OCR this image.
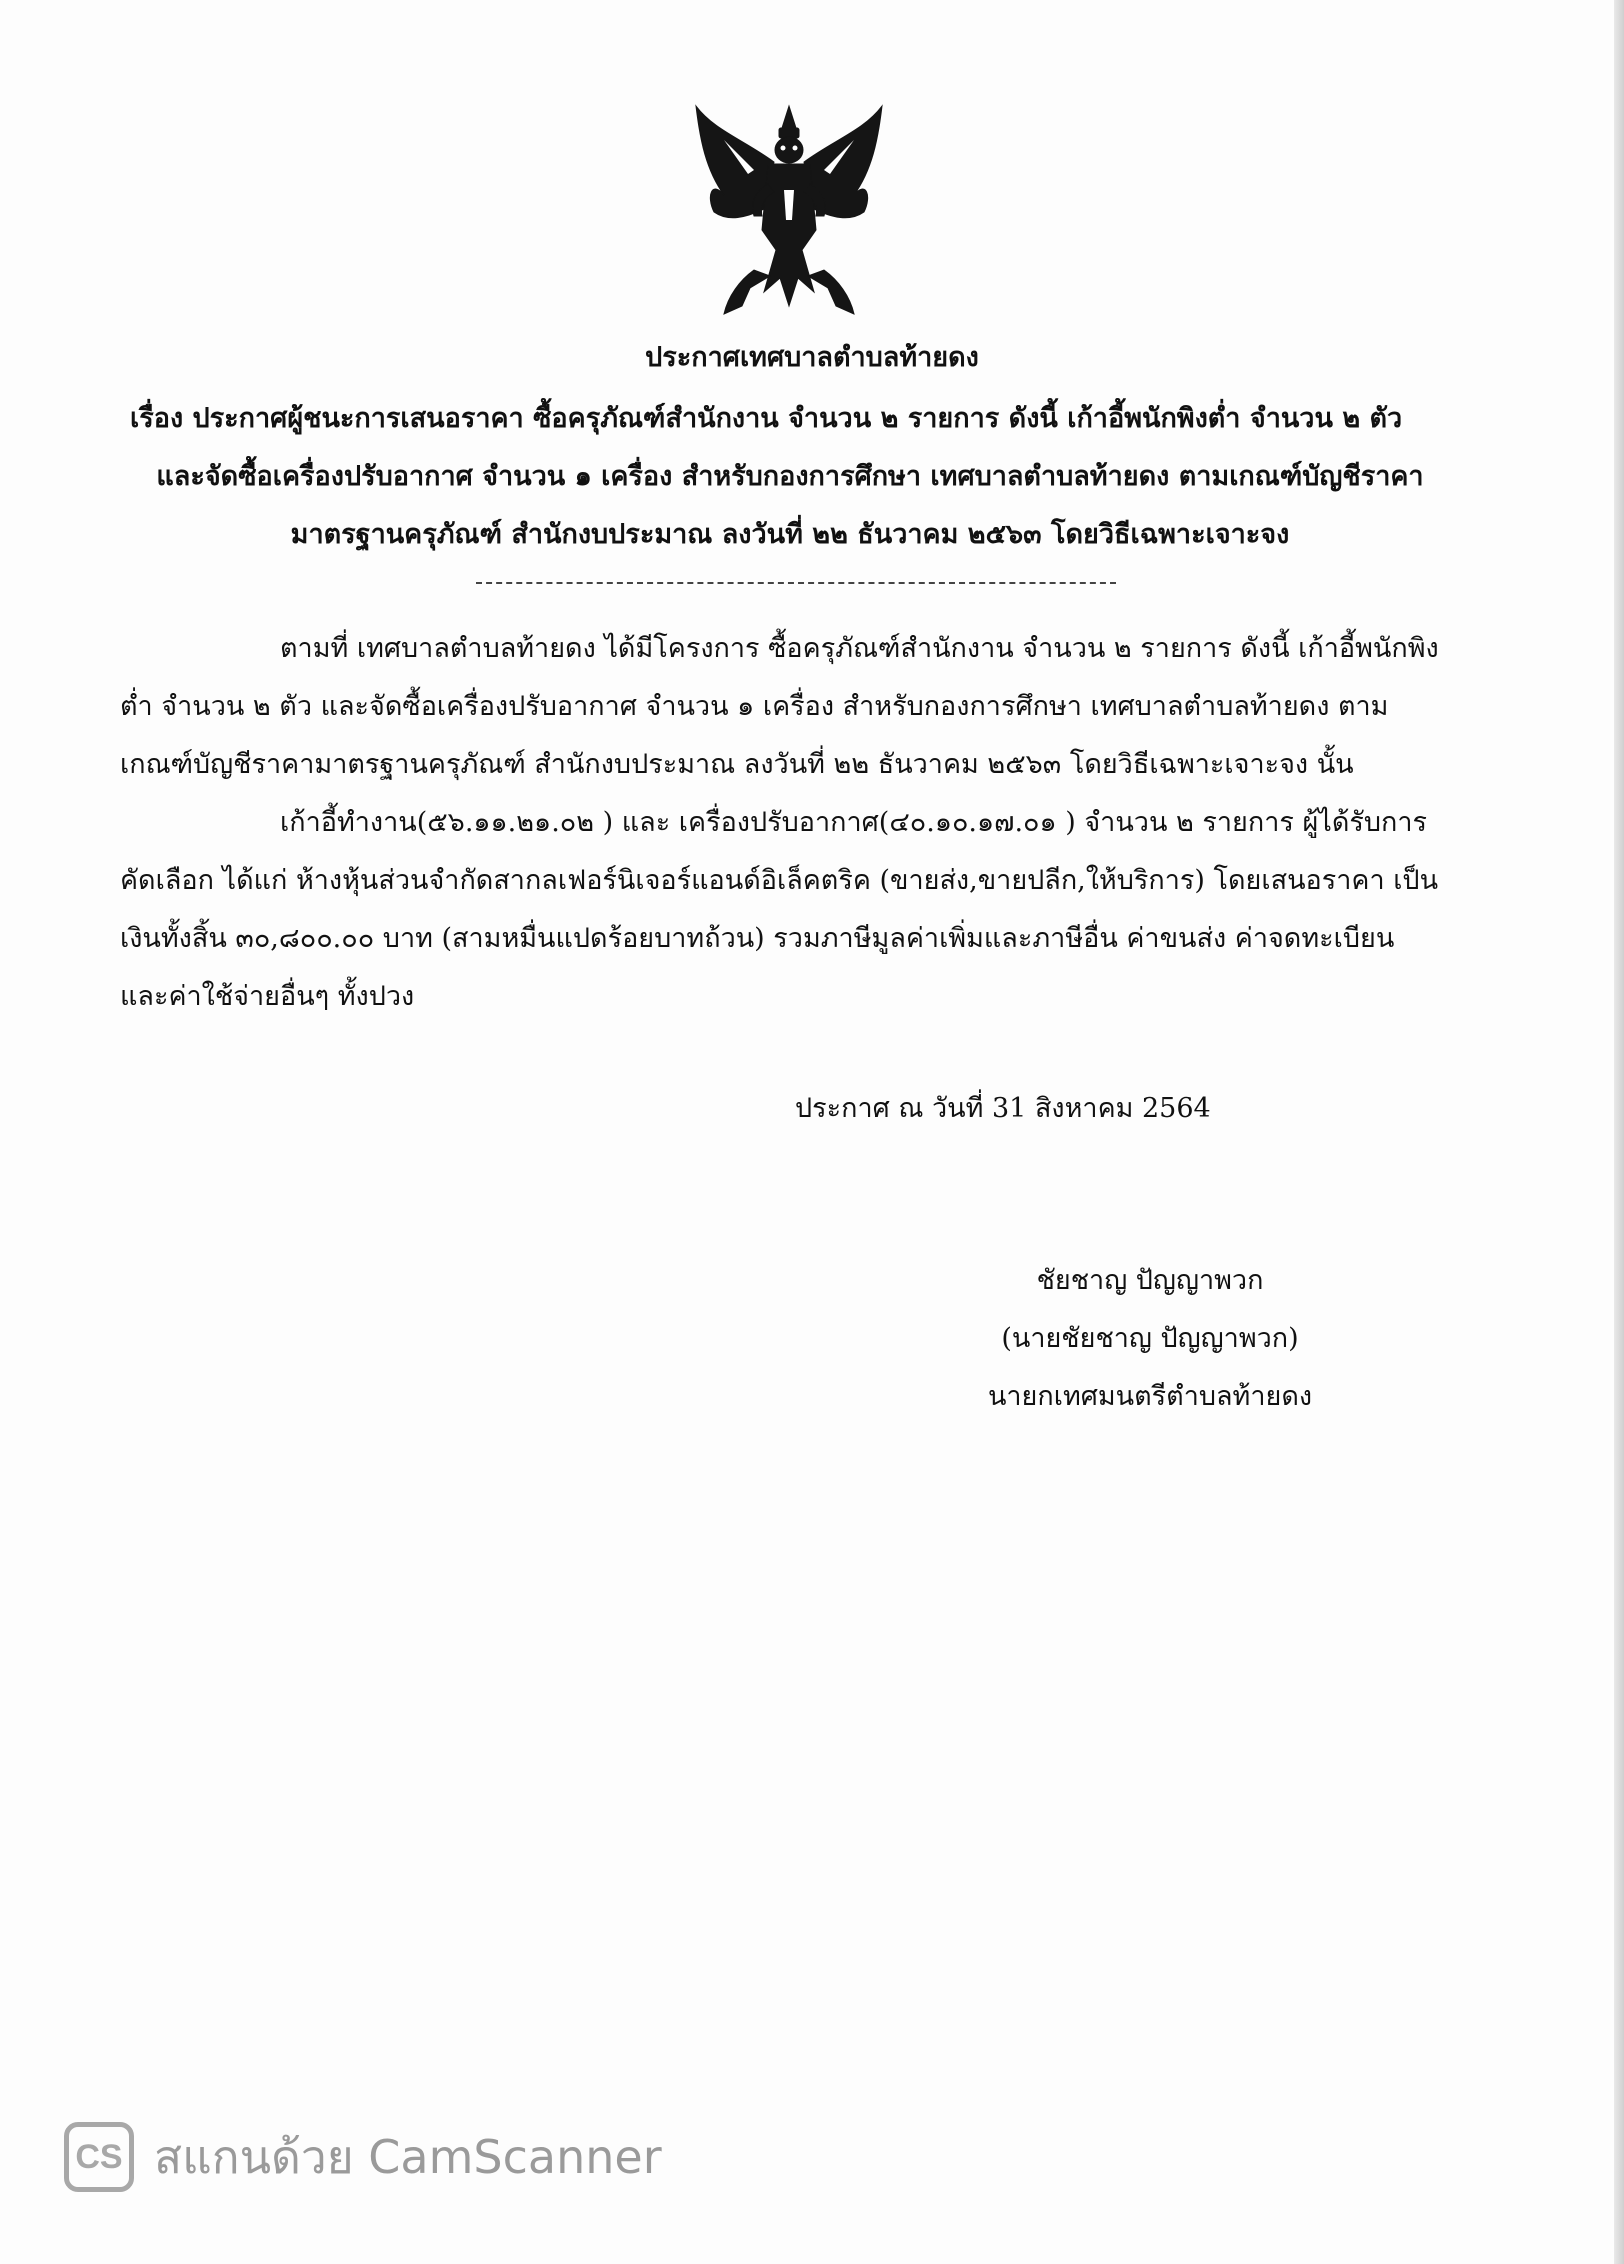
ประกาศเทศบาลตำบลท้ายดง
เรื่อง ประกาศผู้ชนะการเสนอราคา ซื้อครุภัณฑ์สำนักงาน จำนวน ๒ รายการ ดังนี้ เก้าอี้พนักพิงต่ำ จำนวน ๒ ตัว
และจัดซื้อเครื่องปรับอากาศ จำนวน ๑ เครื่อง สำหรับกองการศึกษา เทศบาลตำบลท้ายดง ตามเกณฑ์บัญชีราคา
มาตรฐานครุภัณฑ์ สำนักงบประมาณ ลงวันที่ ๒๒ ธันวาคม ๒๕๖๓ โดยวิธีเฉพาะเจาะจง
ตามที่ เทศบาลตำบลท้ายดง ได้มีโครงการ ซื้อครุภัณฑ์สำนักงาน จำนวน ๒ รายการ ดังนี้ เก้าอี้พนักพิง
ต่ำ จำนวน ๒ ตัว และจัดซื้อเครื่องปรับอากาศ จำนวน ๑ เครื่อง สำหรับกองการศึกษา เทศบาลตำบลท้ายดง ตาม
เกณฑ์บัญชีราคามาตรฐานครุภัณฑ์ สำนักงบประมาณ ลงวันที่ ๒๒ ธันวาคม ๒๕๖๓ โดยวิธีเฉพาะเจาะจง นั้น
เก้าอี้ทำงาน(๕๖.๑๑.๒๑.๐๒ ) และ เครื่องปรับอากาศ(๔๐.๑๐.๑๗.๐๑ ) จำนวน ๒ รายการ ผู้ได้รับการ
คัดเลือก ได้แก่ ห้างหุ้นส่วนจำกัดสากลเฟอร์นิเจอร์แอนด์อิเล็คตริค (ขายส่ง,ขายปลีก,ให้บริการ) โดยเสนอราคา เป็น
เงินทั้งสิ้น ๓๐,๘๐๐.๐๐ บาท (สามหมื่นแปดร้อยบาทถ้วน) รวมภาษีมูลค่าเพิ่มและภาษีอื่น ค่าขนส่ง ค่าจดทะเบียน
และค่าใช้จ่ายอื่นๆ ทั้งปวง
ประกาศ ณ วันที่ 31 สิงหาคม 2564
ชัยชาญ ปัญญาพวก
(นายชัยชาญ ปัญญาพวก)
นายกเทศมนตรีตำบลท้ายดง
CS สแกนด้วย CamScanner
